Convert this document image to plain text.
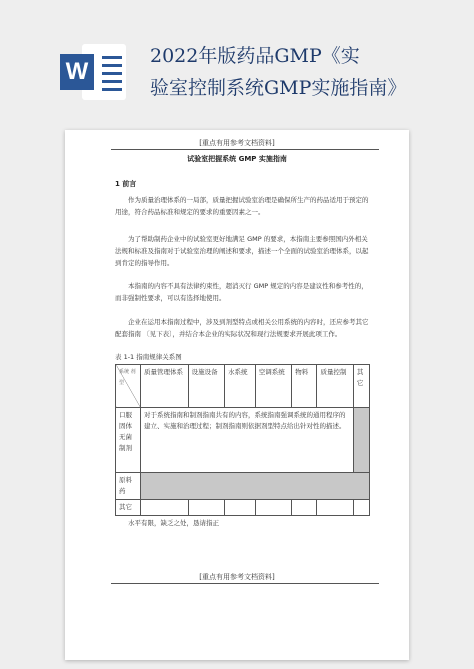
W
2022年版药品GMP《实
验室控制系统GMP实施指南》
[重点有用参考文档资料]
试验室把握系统 GMP 实施指南
1 前言
作为质量治理体系的一局部，质量把握试验室治理是确保所生产的药品适用于预定的用途，符合药品标准和规定的要求的重要因素之一。
为了帮助制药企业中的试验室更好地满足 GMP 的要求，本指南主要参照国内外相关法规和标准及指南对于试验室治理的阐述和要求，描述一个全面的试验室治理体系，以起到肯定的指导作用。
本指南的内容不具有法律约束性，超消灭行 GMP 规定的内容是建议性和参考性的，而非强制性要求，可以有选择地使用。
企业在运用本指南过程中，涉及到剂型特点或相关公用系统的内容时，还应参考其它配套指南 〔见下表〕，并结合本企业的实际状况和现行法规要求开展此项工作。
表 1-1 指南规律关系图
系统 剂型	质量管理体系	设施设备	水系统	空调系统	物料	质量控制	其它
口服固体 无菌制剂	对于系统指南和制剂指南共有的内容，系统指南强调系统的通用程序的建立、实施和治理过程；制剂指南则依据剂型特点给出针对性的描述。						
原料药							
其它							
水平有限，缺乏之处，恳请指正
[重点有用参考文档资料]
